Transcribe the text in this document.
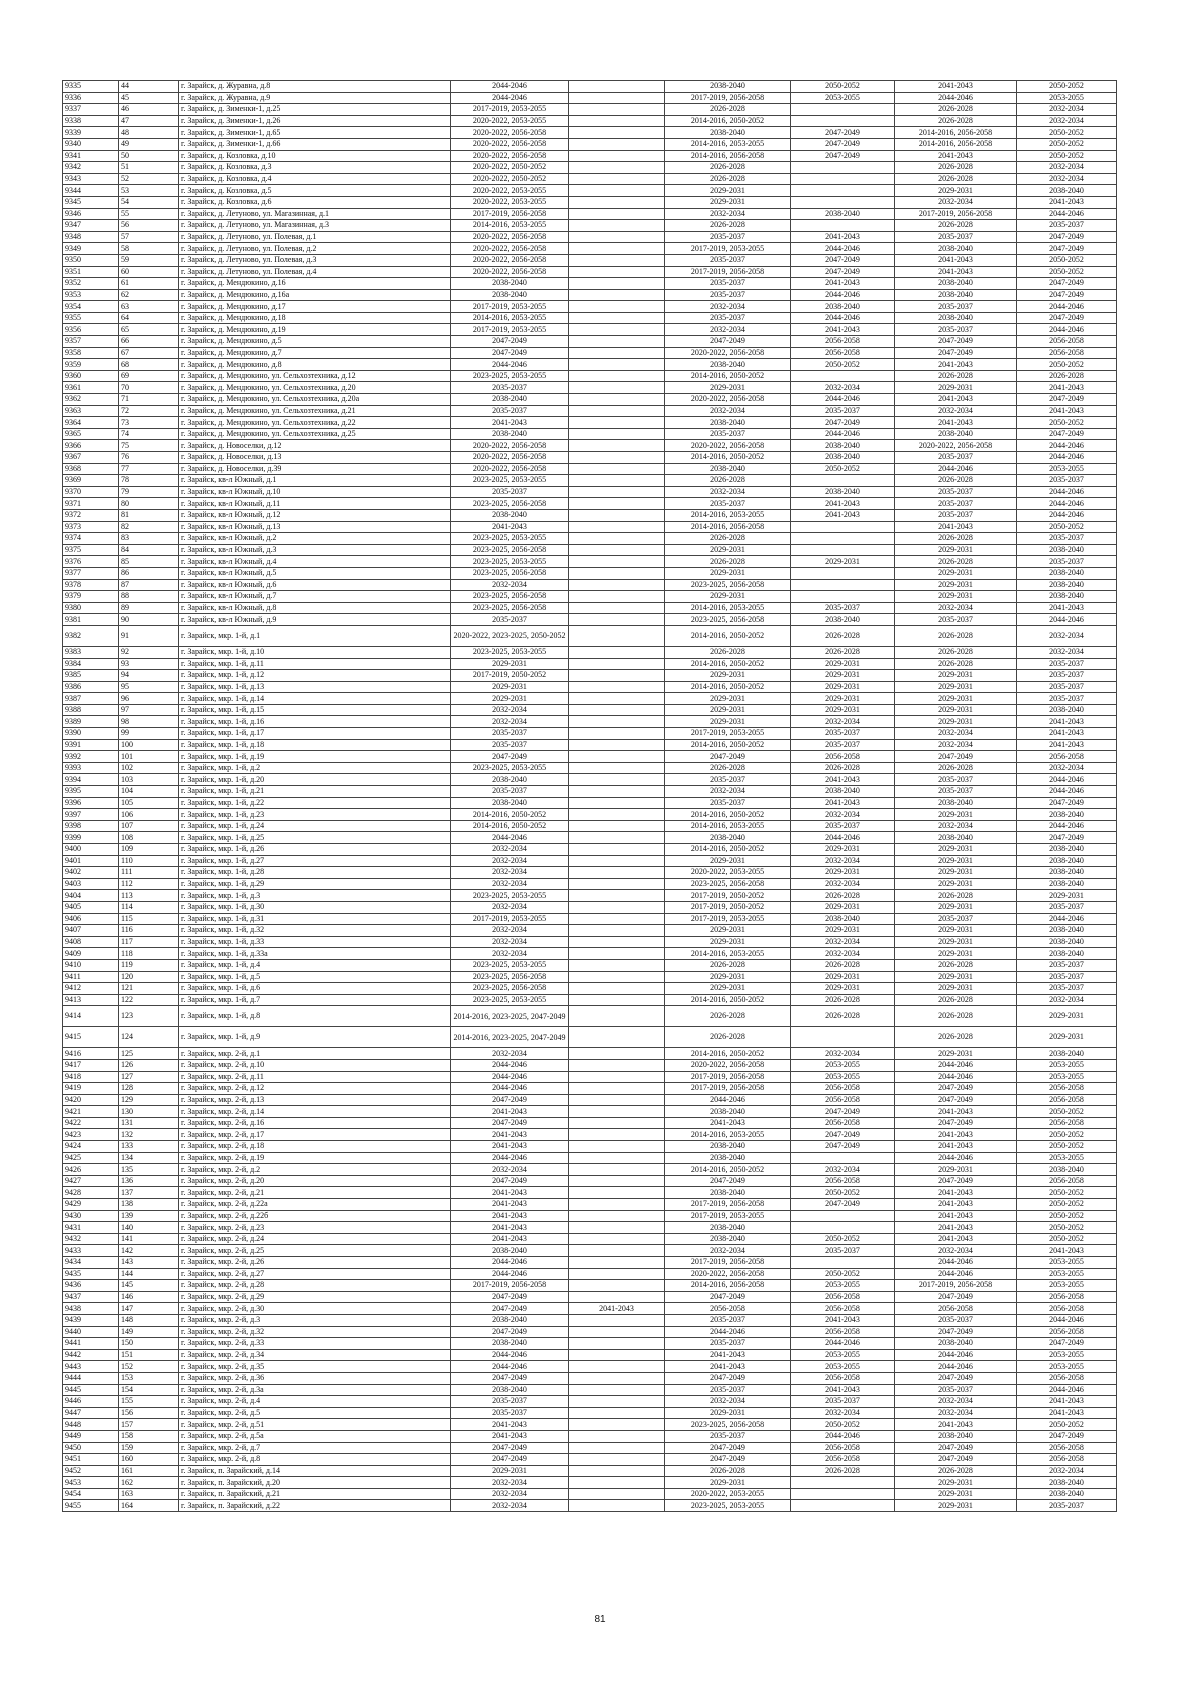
9335	44	г. Зарайск, д. Журавна, д.8	2044-2046		2038-2040	2050-2052	2041-2043	2050-2052
9336	45	г. Зарайск, д. Журавна, д.9	2044-2046		2017-2019, 2056-2058	2053-2055	2044-2046	2053-2055
9337	46	г. Зарайск, д. Зименки-1, д.25	2017-2019, 2053-2055		2026-2028		2026-2028	2032-2034
9338	47	г. Зарайск, д. Зименки-1, д.26	2020-2022, 2053-2055		2014-2016, 2050-2052		2026-2028	2032-2034
9339	48	г. Зарайск, д. Зименки-1, д.65	2020-2022, 2056-2058		2038-2040	2047-2049	2014-2016, 2056-2058	2050-2052
9340	49	г. Зарайск, д. Зименки-1, д.66	2020-2022, 2056-2058		2014-2016, 2053-2055	2047-2049	2014-2016, 2056-2058	2050-2052
9341	50	г. Зарайск, д. Козловка, д.10	2020-2022, 2056-2058		2014-2016, 2056-2058	2047-2049	2041-2043	2050-2052
9342	51	г. Зарайск, д. Козловка, д.3	2020-2022, 2050-2052		2026-2028		2026-2028	2032-2034
9343	52	г. Зарайск, д. Козловка, д.4	2020-2022, 2050-2052		2026-2028		2026-2028	2032-2034
9344	53	г. Зарайск, д. Козловка, д.5	2020-2022, 2053-2055		2029-2031		2029-2031	2038-2040
9345	54	г. Зарайск, д. Козловка, д.6	2020-2022, 2053-2055		2029-2031		2032-2034	2041-2043
9346	55	г. Зарайск, д. Летуново, ул. Магазинная, д.1	2017-2019, 2056-2058		2032-2034	2038-2040	2017-2019, 2056-2058	2044-2046
9347	56	г. Зарайск, д. Летуново, ул. Магазинная, д.3	2014-2016, 2053-2055		2026-2028		2026-2028	2035-2037
9348	57	г. Зарайск, д. Летуново, ул. Полевая, д.1	2020-2022, 2056-2058		2035-2037	2041-2043	2035-2037	2047-2049
9349	58	г. Зарайск, д. Летуново, ул. Полевая, д.2	2020-2022, 2056-2058		2017-2019, 2053-2055	2044-2046	2038-2040	2047-2049
9350	59	г. Зарайск, д. Летуново, ул. Полевая, д.3	2020-2022, 2056-2058		2035-2037	2047-2049	2041-2043	2050-2052
9351	60	г. Зарайск, д. Летуново, ул. Полевая, д.4	2020-2022, 2056-2058		2017-2019, 2056-2058	2047-2049	2041-2043	2050-2052
9352	61	г. Зарайск, д. Мендюкино, д.16	2038-2040		2035-2037	2041-2043	2038-2040	2047-2049
9353	62	г. Зарайск, д. Мендюкино, д.16а	2038-2040		2035-2037	2044-2046	2038-2040	2047-2049
9354	63	г. Зарайск, д. Мендюкино, д.17	2017-2019, 2053-2055		2032-2034	2038-2040	2035-2037	2044-2046
9355	64	г. Зарайск, д. Мендюкино, д.18	2014-2016, 2053-2055		2035-2037	2044-2046	2038-2040	2047-2049
9356	65	г. Зарайск, д. Мендюкино, д.19	2017-2019, 2053-2055		2032-2034	2041-2043	2035-2037	2044-2046
9357	66	г. Зарайск, д. Мендюкино, д.5	2047-2049		2047-2049	2056-2058	2047-2049	2056-2058
9358	67	г. Зарайск, д. Мендюкино, д.7	2047-2049		2020-2022, 2056-2058	2056-2058	2047-2049	2056-2058
9359	68	г. Зарайск, д. Мендюкино, д.8	2044-2046		2038-2040	2050-2052	2041-2043	2050-2052
9360	69	г. Зарайск, д. Мендюкино, ул. Сельхозтехника, д.12	2023-2025, 2053-2055		2014-2016, 2050-2052		2026-2028	2026-2028
9361	70	г. Зарайск, д. Мендюкино, ул. Сельхозтехника, д.20	2035-2037		2029-2031	2032-2034	2029-2031	2041-2043
9362	71	г. Зарайск, д. Мендюкино, ул. Сельхозтехника, д.20а	2038-2040		2020-2022, 2056-2058	2044-2046	2041-2043	2047-2049
9363	72	г. Зарайск, д. Мендюкино, ул. Сельхозтехника, д.21	2035-2037		2032-2034	2035-2037	2032-2034	2041-2043
9364	73	г. Зарайск, д. Мендюкино, ул. Сельхозтехника, д.22	2041-2043		2038-2040	2047-2049	2041-2043	2050-2052
9365	74	г. Зарайск, д. Мендюкино, ул. Сельхозтехника, д.25	2038-2040		2035-2037	2044-2046	2038-2040	2047-2049
9366	75	г. Зарайск, д. Новоселки, д.12	2020-2022, 2056-2058		2020-2022, 2056-2058	2038-2040	2020-2022, 2056-2058	2044-2046
9367	76	г. Зарайск, д. Новоселки, д.13	2020-2022, 2056-2058		2014-2016, 2050-2052	2038-2040	2035-2037	2044-2046
9368	77	г. Зарайск, д. Новоселки, д.39	2020-2022, 2056-2058		2038-2040	2050-2052	2044-2046	2053-2055
9369	78	г. Зарайск, кв-л Южный, д.1	2023-2025, 2053-2055		2026-2028		2026-2028	2035-2037
9370	79	г. Зарайск, кв-л Южный, д.10	2035-2037		2032-2034	2038-2040	2035-2037	2044-2046
9371	80	г. Зарайск, кв-л Южный, д.11	2023-2025, 2056-2058		2035-2037	2041-2043	2035-2037	2044-2046
9372	81	г. Зарайск, кв-л Южный, д.12	2038-2040		2014-2016, 2053-2055	2041-2043	2035-2037	2044-2046
9373	82	г. Зарайск, кв-л Южный, д.13	2041-2043		2014-2016, 2056-2058		2041-2043	2050-2052
9374	83	г. Зарайск, кв-л Южный, д.2	2023-2025, 2053-2055		2026-2028		2026-2028	2035-2037
9375	84	г. Зарайск, кв-л Южный, д.3	2023-2025, 2056-2058		2029-2031		2029-2031	2038-2040
9376	85	г. Зарайск, кв-л Южный, д.4	2023-2025, 2053-2055		2026-2028	2029-2031	2026-2028	2035-2037
9377	86	г. Зарайск, кв-л Южный, д.5	2023-2025, 2056-2058		2029-2031		2029-2031	2038-2040
9378	87	г. Зарайск, кв-л Южный, д.6	2032-2034		2023-2025, 2056-2058		2029-2031	2038-2040
9379	88	г. Зарайск, кв-л Южный, д.7	2023-2025, 2056-2058		2029-2031		2029-2031	2038-2040
9380	89	г. Зарайск, кв-л Южный, д.8	2023-2025, 2056-2058		2014-2016, 2053-2055	2035-2037	2032-2034	2041-2043
9381	90	г. Зарайск, кв-л Южный, д.9	2035-2037		2023-2025, 2056-2058	2038-2040	2035-2037	2044-2046
9382	91	г. Зарайск, мкр. 1-й, д.1	2020-2022, 2023-2025, 2050-2052		2014-2016, 2050-2052	2026-2028	2026-2028	2032-2034
9383	92	г. Зарайск, мкр. 1-й, д.10	2023-2025, 2053-2055		2026-2028	2026-2028	2026-2028	2032-2034
9384	93	г. Зарайск, мкр. 1-й, д.11	2029-2031		2014-2016, 2050-2052	2029-2031	2026-2028	2035-2037
9385	94	г. Зарайск, мкр. 1-й, д.12	2017-2019, 2050-2052		2029-2031	2029-2031	2029-2031	2035-2037
9386	95	г. Зарайск, мкр. 1-й, д.13	2029-2031		2014-2016, 2050-2052	2029-2031	2029-2031	2035-2037
9387	96	г. Зарайск, мкр. 1-й, д.14	2029-2031		2029-2031	2029-2031	2029-2031	2035-2037
9388	97	г. Зарайск, мкр. 1-й, д.15	2032-2034		2029-2031	2029-2031	2029-2031	2038-2040
9389	98	г. Зарайск, мкр. 1-й, д.16	2032-2034		2029-2031	2032-2034	2029-2031	2041-2043
9390	99	г. Зарайск, мкр. 1-й, д.17	2035-2037		2017-2019, 2053-2055	2035-2037	2032-2034	2041-2043
9391	100	г. Зарайск, мкр. 1-й, д.18	2035-2037		2014-2016, 2050-2052	2035-2037	2032-2034	2041-2043
9392	101	г. Зарайск, мкр. 1-й, д.19	2047-2049		2047-2049	2056-2058	2047-2049	2056-2058
9393	102	г. Зарайск, мкр. 1-й, д.2	2023-2025, 2053-2055		2026-2028	2026-2028	2026-2028	2032-2034
9394	103	г. Зарайск, мкр. 1-й, д.20	2038-2040		2035-2037	2041-2043	2035-2037	2044-2046
9395	104	г. Зарайск, мкр. 1-й, д.21	2035-2037		2032-2034	2038-2040	2035-2037	2044-2046
9396	105	г. Зарайск, мкр. 1-й, д.22	2038-2040		2035-2037	2041-2043	2038-2040	2047-2049
9397	106	г. Зарайск, мкр. 1-й, д.23	2014-2016, 2050-2052		2014-2016, 2050-2052	2032-2034	2029-2031	2038-2040
9398	107	г. Зарайск, мкр. 1-й, д.24	2014-2016, 2050-2052		2014-2016, 2053-2055	2035-2037	2032-2034	2044-2046
9399	108	г. Зарайск, мкр. 1-й, д.25	2044-2046		2038-2040	2044-2046	2038-2040	2047-2049
9400	109	г. Зарайск, мкр. 1-й, д.26	2032-2034		2014-2016, 2050-2052	2029-2031	2029-2031	2038-2040
9401	110	г. Зарайск, мкр. 1-й, д.27	2032-2034		2029-2031	2032-2034	2029-2031	2038-2040
9402	111	г. Зарайск, мкр. 1-й, д.28	2032-2034		2020-2022, 2053-2055	2029-2031	2029-2031	2038-2040
9403	112	г. Зарайск, мкр. 1-й, д.29	2032-2034		2023-2025, 2056-2058	2032-2034	2029-2031	2038-2040
9404	113	г. Зарайск, мкр. 1-й, д.3	2023-2025, 2053-2055		2017-2019, 2050-2052	2026-2028	2026-2028	2029-2031
9405	114	г. Зарайск, мкр. 1-й, д.30	2032-2034		2017-2019, 2050-2052	2029-2031	2029-2031	2035-2037
9406	115	г. Зарайск, мкр. 1-й, д.31	2017-2019, 2053-2055		2017-2019, 2053-2055	2038-2040	2035-2037	2044-2046
9407	116	г. Зарайск, мкр. 1-й, д.32	2032-2034		2029-2031	2029-2031	2029-2031	2038-2040
9408	117	г. Зарайск, мкр. 1-й, д.33	2032-2034		2029-2031	2032-2034	2029-2031	2038-2040
9409	118	г. Зарайск, мкр. 1-й, д.33а	2032-2034		2014-2016, 2053-2055	2032-2034	2029-2031	2038-2040
9410	119	г. Зарайск, мкр. 1-й, д.4	2023-2025, 2053-2055		2026-2028	2026-2028	2026-2028	2035-2037
9411	120	г. Зарайск, мкр. 1-й, д.5	2023-2025, 2056-2058		2029-2031	2029-2031	2029-2031	2035-2037
9412	121	г. Зарайск, мкр. 1-й, д.6	2023-2025, 2056-2058		2029-2031	2029-2031	2029-2031	2035-2037
9413	122	г. Зарайск, мкр. 1-й, д.7	2023-2025, 2053-2055		2014-2016, 2050-2052	2026-2028	2026-2028	2032-2034
9414	123	г. Зарайск, мкр. 1-й, д.8	2014-2016, 2023-2025, 2047-2049		2026-2028	2026-2028	2026-2028	2029-2031
9415	124	г. Зарайск, мкр. 1-й, д.9	2014-2016, 2023-2025, 2047-2049		2026-2028		2026-2028	2029-2031
9416	125	г. Зарайск, мкр. 2-й, д.1	2032-2034		2014-2016, 2050-2052	2032-2034	2029-2031	2038-2040
9417	126	г. Зарайск, мкр. 2-й, д.10	2044-2046		2020-2022, 2056-2058	2053-2055	2044-2046	2053-2055
9418	127	г. Зарайск, мкр. 2-й, д.11	2044-2046		2017-2019, 2056-2058	2053-2055	2044-2046	2053-2055
9419	128	г. Зарайск, мкр. 2-й, д.12	2044-2046		2017-2019, 2056-2058	2056-2058	2047-2049	2056-2058
9420	129	г. Зарайск, мкр. 2-й, д.13	2047-2049		2044-2046	2056-2058	2047-2049	2056-2058
9421	130	г. Зарайск, мкр. 2-й, д.14	2041-2043		2038-2040	2047-2049	2041-2043	2050-2052
9422	131	г. Зарайск, мкр. 2-й, д.16	2047-2049		2041-2043	2056-2058	2047-2049	2056-2058
9423	132	г. Зарайск, мкр. 2-й, д.17	2041-2043		2014-2016, 2053-2055	2047-2049	2041-2043	2050-2052
9424	133	г. Зарайск, мкр. 2-й, д.18	2041-2043		2038-2040	2047-2049	2041-2043	2050-2052
9425	134	г. Зарайск, мкр. 2-й, д.19	2044-2046		2038-2040		2044-2046	2053-2055
9426	135	г. Зарайск, мкр. 2-й, д.2	2032-2034		2014-2016, 2050-2052	2032-2034	2029-2031	2038-2040
9427	136	г. Зарайск, мкр. 2-й, д.20	2047-2049		2047-2049	2056-2058	2047-2049	2056-2058
9428	137	г. Зарайск, мкр. 2-й, д.21	2041-2043		2038-2040	2050-2052	2041-2043	2050-2052
9429	138	г. Зарайск, мкр. 2-й, д.22а	2041-2043		2017-2019, 2056-2058	2047-2049	2041-2043	2050-2052
9430	139	г. Зарайск, мкр. 2-й, д.22б	2041-2043		2017-2019, 2053-2055		2041-2043	2050-2052
9431	140	г. Зарайск, мкр. 2-й, д.23	2041-2043		2038-2040		2041-2043	2050-2052
9432	141	г. Зарайск, мкр. 2-й, д.24	2041-2043		2038-2040	2050-2052	2041-2043	2050-2052
9433	142	г. Зарайск, мкр. 2-й, д.25	2038-2040		2032-2034	2035-2037	2032-2034	2041-2043
9434	143	г. Зарайск, мкр. 2-й, д.26	2044-2046		2017-2019, 2056-2058		2044-2046	2053-2055
9435	144	г. Зарайск, мкр. 2-й, д.27	2044-2046		2020-2022, 2056-2058	2050-2052	2044-2046	2053-2055
9436	145	г. Зарайск, мкр. 2-й, д.28	2017-2019, 2056-2058		2014-2016, 2056-2058	2053-2055	2017-2019, 2056-2058	2053-2055
9437	146	г. Зарайск, мкр. 2-й, д.29	2047-2049		2047-2049	2056-2058	2047-2049	2056-2058
9438	147	г. Зарайск, мкр. 2-й, д.30	2047-2049	2041-2043	2056-2058	2056-2058	2056-2058	2056-2058
9439	148	г. Зарайск, мкр. 2-й, д.3	2038-2040		2035-2037	2041-2043	2035-2037	2044-2046
9440	149	г. Зарайск, мкр. 2-й, д.32	2047-2049		2044-2046	2056-2058	2047-2049	2056-2058
9441	150	г. Зарайск, мкр. 2-й, д.33	2038-2040		2035-2037	2044-2046	2038-2040	2047-2049
9442	151	г. Зарайск, мкр. 2-й, д.34	2044-2046		2041-2043	2053-2055	2044-2046	2053-2055
9443	152	г. Зарайск, мкр. 2-й, д.35	2044-2046		2041-2043	2053-2055	2044-2046	2053-2055
9444	153	г. Зарайск, мкр. 2-й, д.36	2047-2049		2047-2049	2056-2058	2047-2049	2056-2058
9445	154	г. Зарайск, мкр. 2-й, д.3а	2038-2040		2035-2037	2041-2043	2035-2037	2044-2046
9446	155	г. Зарайск, мкр. 2-й, д.4	2035-2037		2032-2034	2035-2037	2032-2034	2041-2043
9447	156	г. Зарайск, мкр. 2-й, д.5	2035-2037		2029-2031	2032-2034	2032-2034	2041-2043
9448	157	г. Зарайск, мкр. 2-й, д.51	2041-2043		2023-2025, 2056-2058	2050-2052	2041-2043	2050-2052
9449	158	г. Зарайск, мкр. 2-й, д.5а	2041-2043		2035-2037	2044-2046	2038-2040	2047-2049
9450	159	г. Зарайск, мкр. 2-й, д.7	2047-2049		2047-2049	2056-2058	2047-2049	2056-2058
9451	160	г. Зарайск, мкр. 2-й, д.8	2047-2049		2047-2049	2056-2058	2047-2049	2056-2058
9452	161	г. Зарайск, п. Зарайский, д.14	2029-2031		2026-2028	2026-2028	2026-2028	2032-2034
9453	162	г. Зарайск, п. Зарайский, д.20	2032-2034		2029-2031		2029-2031	2038-2040
9454	163	г. Зарайск, п. Зарайский, д.21	2032-2034		2020-2022, 2053-2055		2029-2031	2038-2040
9455	164	г. Зарайск, п. Зарайский, д.22	2032-2034		2023-2025, 2053-2055		2029-2031	2035-2037
81
